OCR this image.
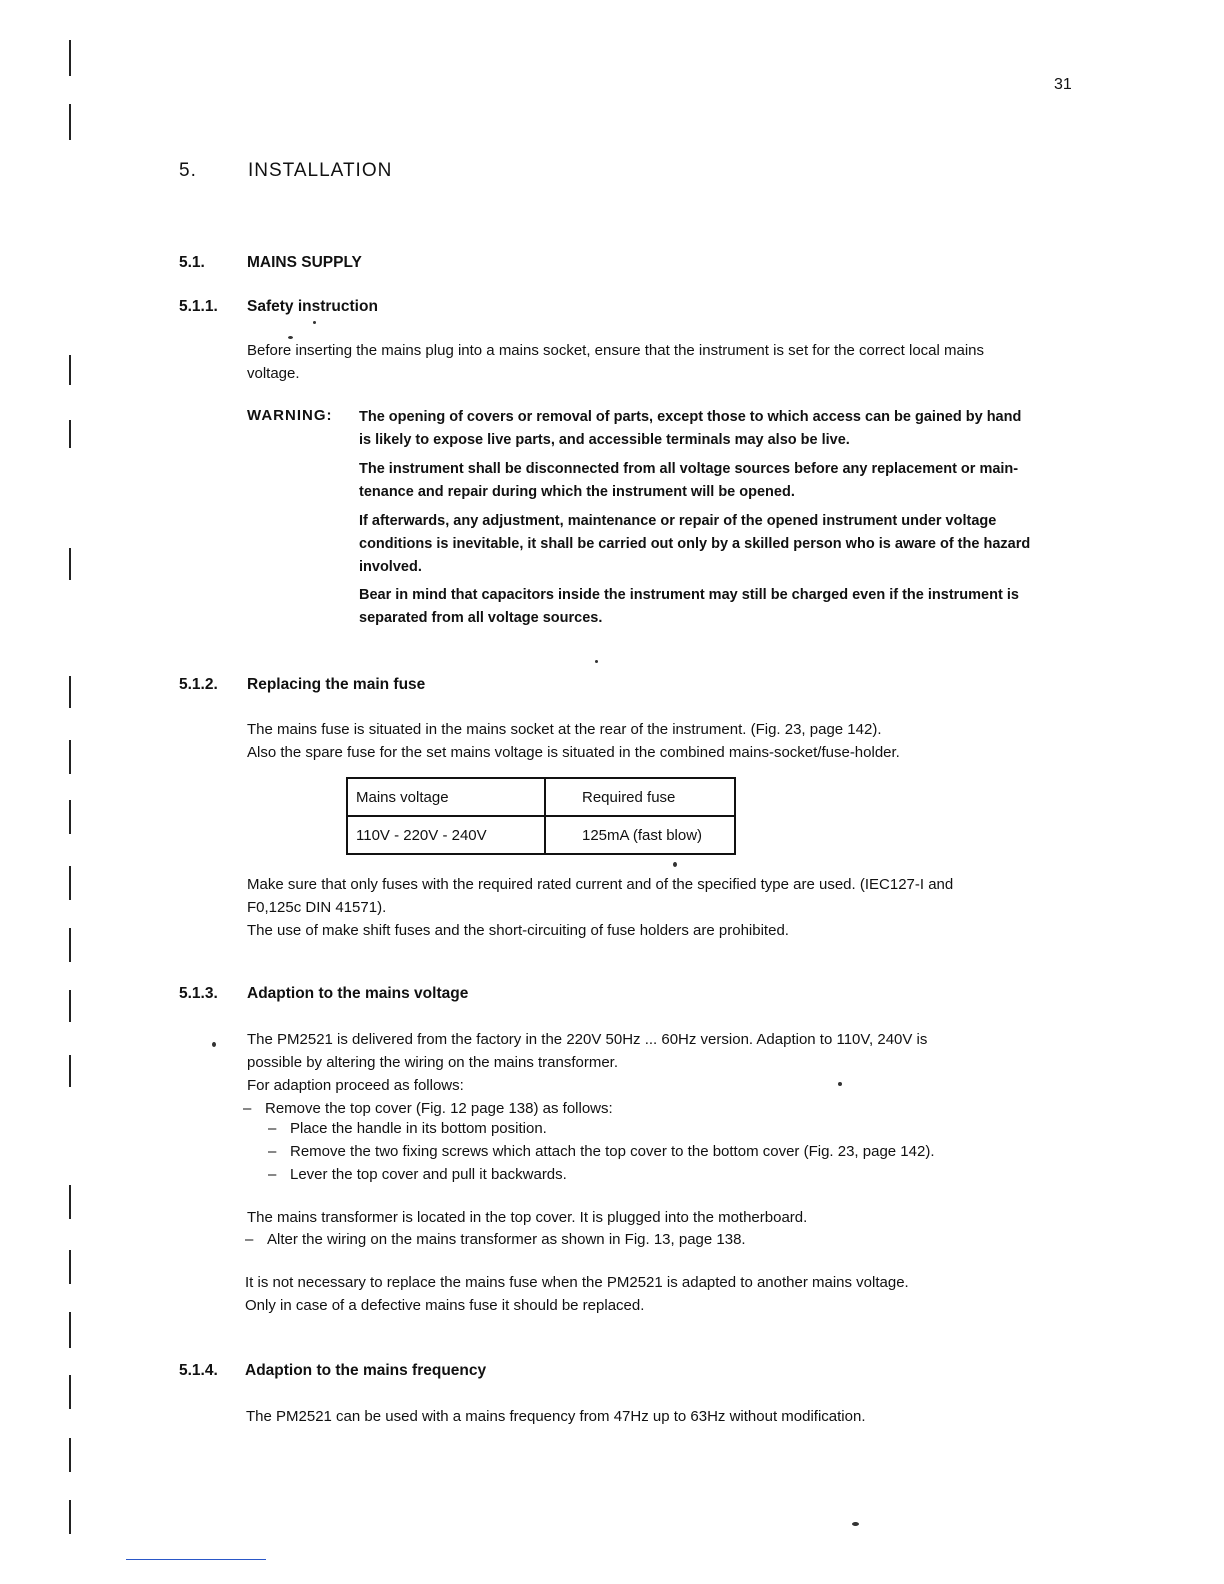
31
5.	INSTALLATION
5.1.	MAINS SUPPLY
5.1.1. Safety instruction
Before inserting the mains plug into a mains socket, ensure that the instrument is set for the correct local mains
voltage.
WARNING: The opening of covers or removal of parts, except those to which access can be gained by hand
is likely to expose live parts, and accessible terminals may also be live.
The instrument shall be disconnected from all voltage sources before any replacement or main-
tenance and repair during which the instrument will be opened.
If afterwards, any adjustment, maintenance or repair of the opened instrument under voltage
conditions is inevitable, it shall be carried out only by a skilled person who is aware of the hazard
involved.
Bear in mind that capacitors inside the instrument may still be charged even if the instrument is
separated from all voltage sources.
5.1.2. Replacing the main fuse
The mains fuse is situated in the mains socket at the rear of the instrument. (Fig. 23, page 142).
Also the spare fuse for the set mains voltage is situated in the combined mains-socket/fuse-holder.
Mains voltage	Required fuse
110V - 220V - 240V	125mA (fast blow)
Make sure that only fuses with the required rated current and of the specified type are used. (IEC127-I and
F0,125c DIN 41571).
The use of make shift fuses and the short-circuiting of fuse holders are prohibited.
5.1.3. Adaption to the mains voltage
The PM2521 is delivered from the factory in the 220V 50Hz ... 60Hz version. Adaption to 110V, 240V is
possible by altering the wiring on the mains transformer.
For adaption proceed as follows:
– Remove the top cover (Fig. 12 page 138) as follows:
– Place the handle in its bottom position.
– Remove the two fixing screws which attach the top cover to the bottom cover (Fig. 23, page 142).
– Lever the top cover and pull it backwards.
The mains transformer is located in the top cover. It is plugged into the motherboard.
– Alter the wiring on the mains transformer as shown in Fig. 13, page 138.
It is not necessary to replace the mains fuse when the PM2521 is adapted to another mains voltage.
Only in case of a defective mains fuse it should be replaced.
5.1.4. Adaption to the mains frequency
The PM2521 can be used with a mains frequency from 47Hz up to 63Hz without modification.
